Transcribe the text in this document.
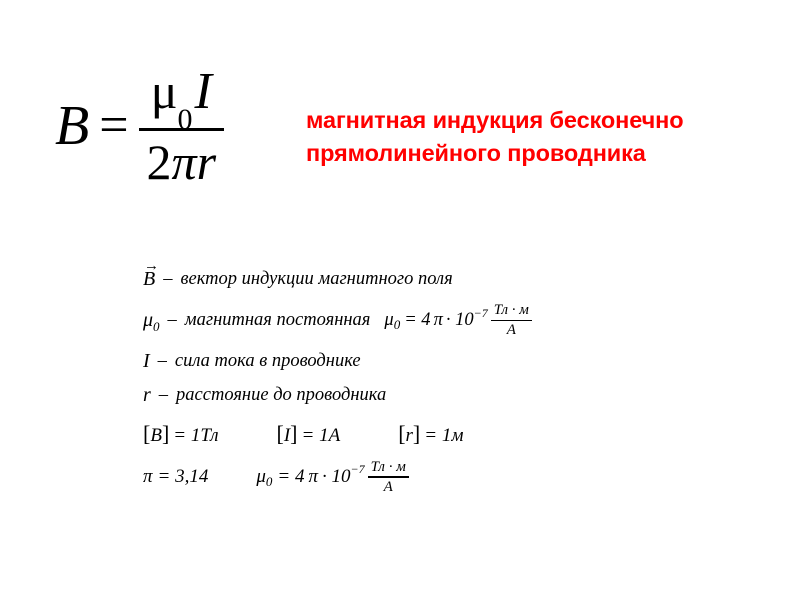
$B = \frac{\mu_0I}{2\pi r}$	магнитная индукция бесконечно
прямолинейного проводника
→
B – вектор индукции магнитного поля
$\mu_0$ – магнитная постоянная μ 0 = 4 $\pi \cdot 10 -7 \frac{Тл \cdot м}{А}$
I – сила тока в проводнике
r – расстояние до проводника
[B] = 1Тл	[I] = 1А	[r] = 1м
π = 3,14	μ 0 = 4 $\pi \cdot 10 -7 \frac{Тл \cdot м}{А}$
